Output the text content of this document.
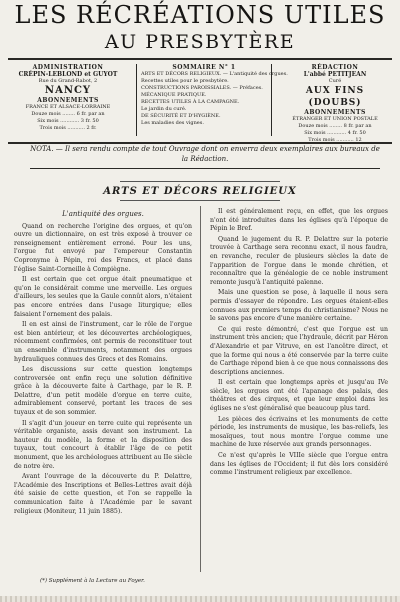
LES RÉCRÉATIONS UTILES
AU PRESBYTÈRE
ADMINISTRATION
CRÉPIN-LEBLOND et GUYOT
Rue du Grand-Rabot, 2
NANCY
ABONNEMENTS
FRANCE ET ALSACE-LORRAINE
Douze mois ........ 6 fr. par an
Six mois ............ 3 fr. 50
Trois mois ........... 2 fr.
SOMMAIRE N° 1
ARTS ET DÉCORS RELIGIEUX. — L'antiquité des orgues.
Recettes utiles pour le presbytère.
CONSTRUCTIONS PAROISSIALES. — Préfaces.
MÉCANIQUE PRATIQUE.
RECETTES UTILES À LA CAMPAGNE.
Le jardin du curé.
DE SÉCURITÉ ET D'HYGIÈNE.
Les maladies des vignes.
RÉDACTION
L'abbé PETITJEAN
Curé
AUX FINS (DOUBS)
ABONNEMENTS
ÉTRANGER ET UNION POSTALE
Douze mois ........ 8 fr. par an
Six mois ............ 4 fr. 50
Trois mois ........... 12
NOTA. — Il sera rendu compte de tout Ouvrage dont on enverra deux exemplaires aux bureaux de la Rédaction.
ARTS ET DÉCORS RELIGIEUX
L'antiquité des orgues.

Quand on recherche l'origine des orgues, et qu'on ouvre un dictionnaire, on est très exposé à trouver ce renseignement entièrement erroné. Pour les uns, l'orgue fut envoyé par l'empereur Constantin Copronyme à Pépin, roi des Francs, et placé dans l'église Saint-Corneille à Compiègne.

Il est certain que cet orgue était pneumatique et qu'on le considérait comme une merveille. Les orgues d'ailleurs, les seules que la Gaule connût alors, n'étaient pas encore entrées dans l'usage liturgique; elles faisaient l'ornement des palais.

Il en est ainsi de l'instrument, car le rôle de l'orgue est bien antérieur, et les découvertes archéologiques, récemment confirmées, ont permis de reconstituer tout un ensemble d'instruments, notamment des orgues hydrauliques connues des Grecs et des Romains.

Les discussions sur cette question longtemps controversée ont enfin reçu une solution définitive grâce à la découverte faite à Carthage, par le R. P. Delattre, d'un petit modèle d'orgue en terre cuite, admirablement conservé, portant les traces de ses tuyaux et de son sommier.

Il s'agit d'un joueur en terre cuite qui représente un véritable organiste, assis devant son instrument. La hauteur du modèle, la forme et la disposition des tuyaux, tout concourt à établir l'âge de ce petit monument, que les archéologues attribuent au IIe siècle de notre ère.

Avant l'ouvrage de la découverte du P. Delattre, l'Académie des Inscriptions et Belles-Lettres avait déjà été saisie de cette question, et l'on se rappelle la communication faite à l'Académie par le savant religieux (Moniteur, 11 juin 1885).

Il est généralement reçu, en effet, que les orgues n'ont été introduites dans les églises qu'à l'époque de Pépin le Bref.

Quand le jugement du R. P. Delattre sur la poterie trouvée à Carthage sera reconnu exact, il nous faudra, en revanche, reculer de plusieurs siècles la date de l'apparition de l'orgue dans le monde chrétien, et reconnaître que la généalogie de ce noble instrument remonte jusqu'à l'antiquité païenne.

Mais une question se pose, à laquelle il nous sera permis d'essayer de répondre. Les orgues étaient-elles connues aux premiers temps du christianisme? Nous ne le savons pas encore d'une manière certaine.

Ce qui reste démontré, c'est que l'orgue est un instrument très ancien; que l'hydraule, décrit par Héron d'Alexandrie et par Vitruve, en est l'ancêtre direct, et que la forme qui nous a été conservée par la terre cuite de Carthage répond bien à ce que nous connaissons des descriptions anciennes.

Il est certain que longtemps après et jusqu'au IVe siècle, les orgues ont été l'apanage des palais, des théâtres et des cirques, et que leur emploi dans les églises ne s'est généralisé que beaucoup plus tard.

Les pièces des écrivains et les monuments de cette période, les instruments de musique, les bas-reliefs, les mosaïques, tout nous montre l'orgue comme une machine de luxe réservée aux grands personnages.

Ce n'est qu'après le VIIIe siècle que l'orgue entra dans les églises de l'Occident; il fut dès lors considéré comme l'instrument religieux par excellence.

(*) Supplément à la Lecture au Foyer.
